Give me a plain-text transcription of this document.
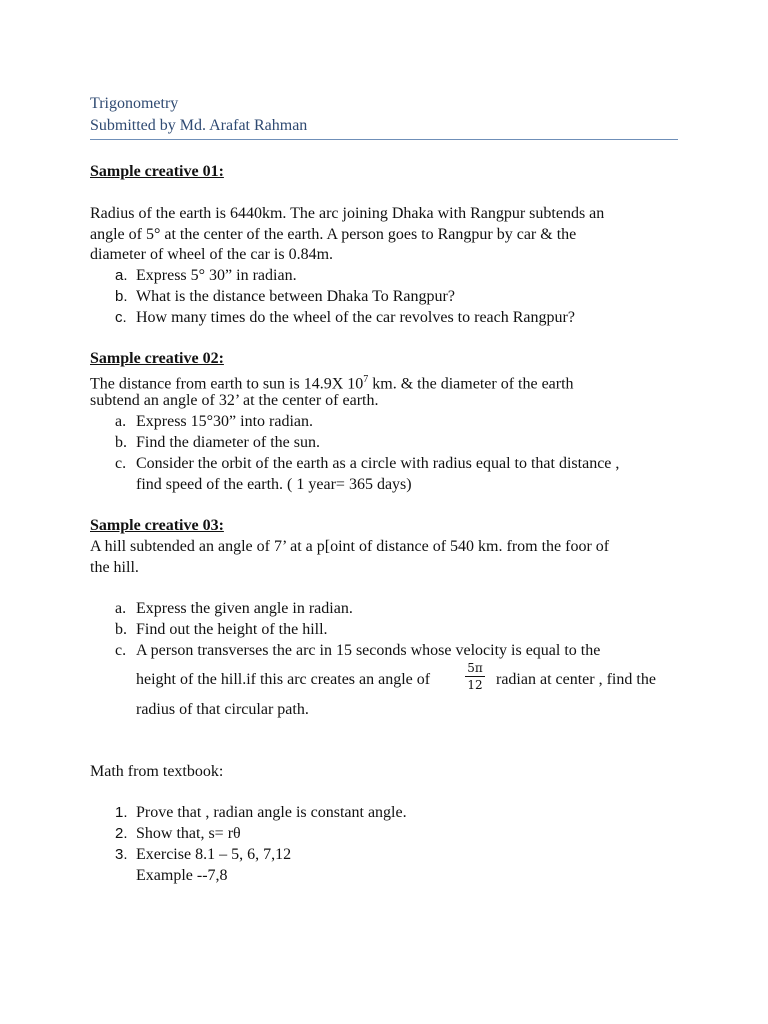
Trigonometry
Submitted by Md. Arafat Rahman
Sample creative 01:
Radius of the earth is 6440km. The arc joining Dhaka with Rangpur subtends an
angle of 5° at the center of the earth. A person goes to Rangpur by car & the
diameter of wheel of the car is 0.84m.
a. Express 5° 30” in radian.
b. What is the distance between Dhaka To Rangpur?
c. How many times do the wheel of the car revolves to reach Rangpur?
Sample creative 02:
The distance from earth to sun is 14.9X $10^7$ km. & the diameter of the earth
subtend an angle of 32’ at the center of earth.
a. Express 15°30” into radian.
b. Find the diameter of the sun.
c. Consider the orbit of the earth as a circle with radius equal to that distance ,
find speed of the earth. ( 1 year= 365 days)
Sample creative 03:
A hill subtended an angle of 7’ at a p[oint of distance of 540 km. from the foor of
the hill.
a. Express the given angle in radian.
b. Find out the height of the hill.
c. A person transverses the arc in 15 seconds whose velocity is equal to the
height of the hill.if this arc creates an angle of
5π
12 radian at center , find the
radius of that circular path.
Math from textbook:
1. Prove that , radian angle is constant angle.
2. Show that, s= rθ
3. Exercise 8.1 – 5, 6, 7,12
Example --7,8
